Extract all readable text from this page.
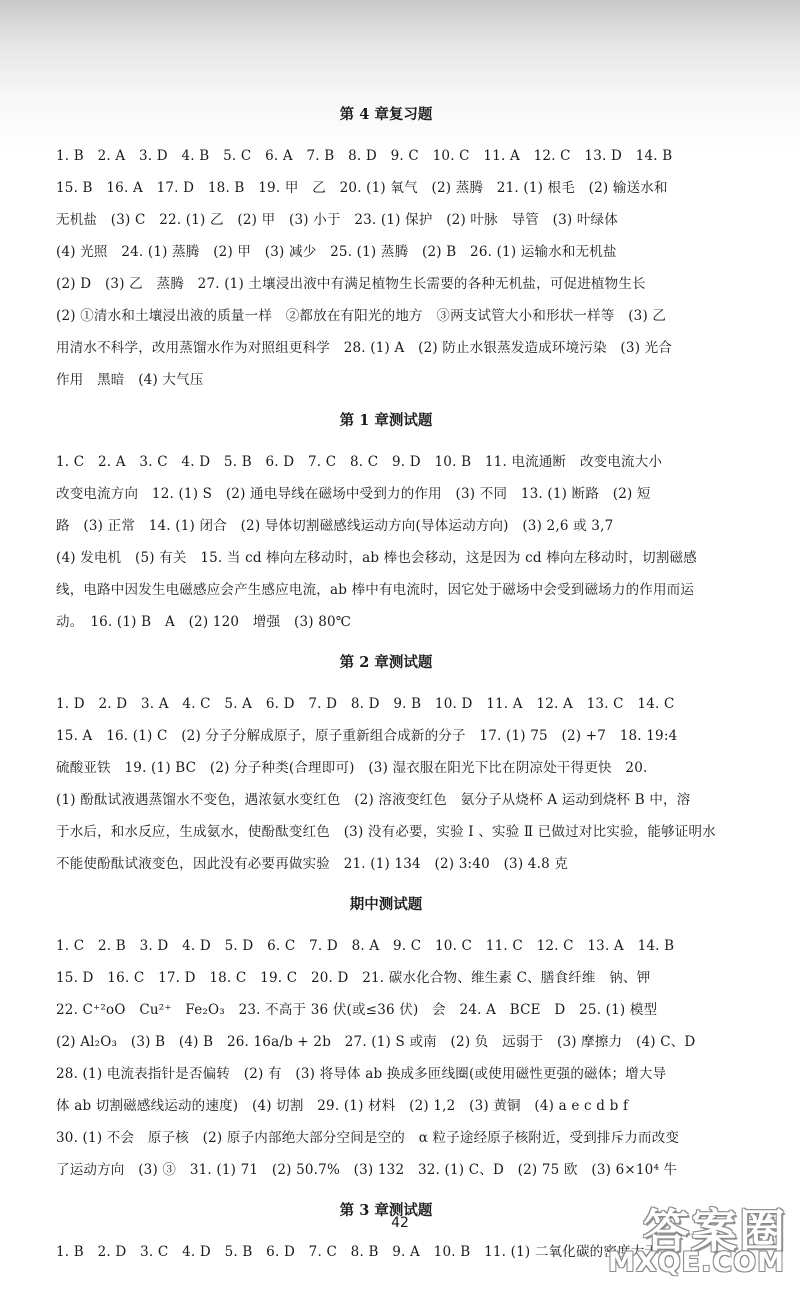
第 4 章复习题

1. B　2. A　3. D　4. B　5. C　6. A　7. B　8. D　9. C　10. C　11. A　12. C　13. D　14. B

15. B　16. A　17. D　18. B　19. 甲　乙　20. (1) 氧气　(2) 蒸腾　21. (1) 根毛　(2) 输送水和

无机盐　(3) C　22. (1) 乙　(2) 甲　(3) 小于　23. (1) 保护　(2) 叶脉　导管　(3) 叶绿体

(4) 光照　24. (1) 蒸腾　(2) 甲　(3) 减少　25. (1) 蒸腾　(2) B　26. (1) 运输水和无机盐

(2) D　(3) 乙　蒸腾　27. (1) 土壤浸出液中有满足植物生长需要的各种无机盐，可促进植物生长

(2) ①清水和土壤浸出液的质量一样　②都放在有阳光的地方　③两支试管大小和形状一样等　(3) 乙

用清水不科学，改用蒸馏水作为对照组更科学　28. (1) A　(2) 防止水银蒸发造成环境污染　(3) 光合

作用　黑暗　(4) 大气压

第 1 章测试题

1. C　2. A　3. C　4. D　5. B　6. D　7. C　8. C　9. D　10. B　11. 电流通断　改变电流大小

改变电流方向　12. (1) S　(2) 通电导线在磁场中受到力的作用　(3) 不同　13. (1) 断路　(2) 短

路　(3) 正常　14. (1) 闭合　(2) 导体切割磁感线运动方向(导体运动方向)　(3) 2,6 或 3,7

(4) 发电机　(5) 有关　15. 当 cd 棒向左移动时，ab 棒也会移动，这是因为 cd 棒向左移动时，切割磁感

线，电路中因发生电磁感应会产生感应电流，ab 棒中有电流时，因它处于磁场中会受到磁场力的作用而运

动。　16. (1) B　A　(2) 120　增强　(3) 80℃

第 2 章测试题

1. D　2. D　3. A　4. C　5. A　6. D　7. D　8. D　9. B　10. D　11. A　12. A　13. C　14. C

15. A　16. (1) C　(2) 分子分解成原子，原子重新组合成新的分子　17. (1) 75　(2) +7　18. 19:4

硫酸亚铁　19. (1) BC　(2) 分子种类(合理即可)　(3) 湿衣服在阳光下比在阴凉处干得更快　20.

(1) 酚酞试液遇蒸馏水不变色，遇浓氨水变红色　(2) 溶液变红色　氨分子从烧杯 A 运动到烧杯 B 中，溶

于水后，和水反应，生成氨水，使酚酞变红色　(3) 没有必要，实验 Ⅰ 、实验 Ⅱ 已做过对比实验，能够证明水

不能使酚酞试液变色，因此没有必要再做实验　21. (1) 134　(2) 3:40　(3) 4.8 克

期中测试题

1. C　2. B　3. D　4. D　5. D　6. C　7. D　8. A　9. C　10. C　11. C　12. C　13. A　14. B

15. D　16. C　17. D　18. C　19. C　20. D　21. 碳水化合物、维生素 C、膳食纤维　钠、钾

22. C⁺²oO　Cu²⁺　Fe₂O₃　23. 不高于 36 伏(或≤36 伏)　会　24. A　BCE　D　25. (1) 模型

(2) Al₂O₃　(3) B　(4) B　26. 16a/b + 2b　27. (1) S 或南　(2) 负　远弱于　(3) 摩擦力　(4) C、D

28. (1) 电流表指针是否偏转　(2) 有　(3) 将导体 ab 换成多匝线圈(或使用磁性更强的磁体；增大导

体 ab 切割磁感线运动的速度)　(4) 切割　29. (1) 材料　(2) 1,2　(3) 黄铜　(4) a e c d b f

30. (1) 不会　原子核　(2) 原子内部绝大部分空间是空的　α 粒子途经原子核附近，受到排斥力而改变

了运动方向　(3) ③　31. (1) 71　(2) 50.7%　(3) 132　32. (1) C、D　(2) 75 欧　(3) 6×10⁴ 牛

第 3 章测试题

1. B　2. D　3. C　4. D　5. B　6. D　7. C　8. B　9. A　10. B　11. (1) 二氧化碳的密度大于空

42	答案圈
MXQE.COM
